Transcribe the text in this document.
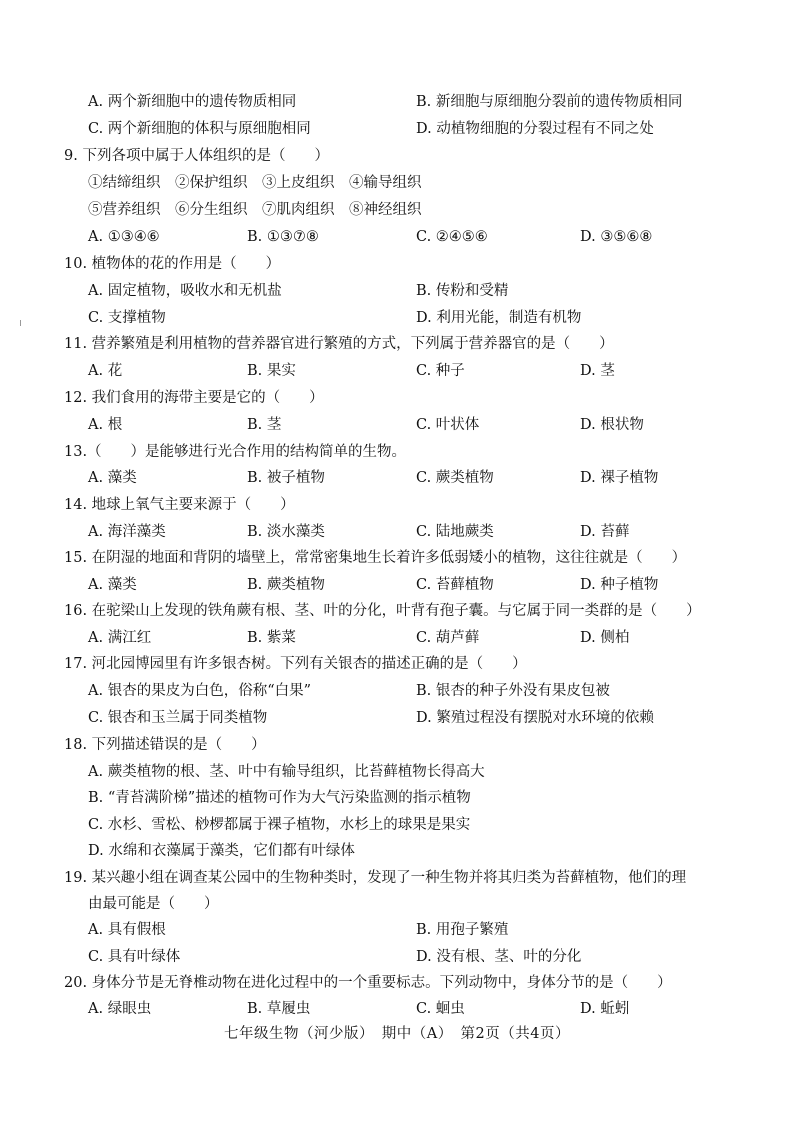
A. 两个新细胞中的遗传物质相同	B. 新细胞与原细胞分裂前的遗传物质相同
C. 两个新细胞的体积与原细胞相同	D. 动植物细胞的分裂过程有不同之处
9. 下列各项中属于人体组织的是（　　）
①结缔组织　②保护组织　③上皮组织　④输导组织
⑤营养组织　⑥分生组织　⑦肌肉组织　⑧神经组织
A. ①③④⑥	B. ①③⑦⑧	C. ②④⑤⑥	D. ③⑤⑥⑧
10. 植物体的花的作用是（　　）
A. 固定植物，吸收水和无机盐	B. 传粉和受精
C. 支撑植物	D. 利用光能，制造有机物
11. 营养繁殖是利用植物的营养器官进行繁殖的方式，下列属于营养器官的是（　　）
A. 花	B. 果实	C. 种子	D. 茎
12. 我们食用的海带主要是它的（　　）
A. 根	B. 茎	C. 叶状体	D. 根状物
13.（　　）是能够进行光合作用的结构简单的生物。
A. 藻类	B. 被子植物	C. 蕨类植物	D. 裸子植物
14. 地球上氧气主要来源于（　　）
A. 海洋藻类	B. 淡水藻类	C. 陆地蕨类	D. 苔藓
15. 在阴湿的地面和背阴的墙壁上，常常密集地生长着许多低弱矮小的植物，这往往就是（　　）
A. 藻类	B. 蕨类植物	C. 苔藓植物	D. 种子植物
16. 在驼梁山上发现的铁角蕨有根、茎、叶的分化，叶背有孢子囊。与它属于同一类群的是（　　）
A. 满江红	B. 紫菜	C. 葫芦藓	D. 侧柏
17. 河北园博园里有许多银杏树。下列有关银杏的描述正确的是（　　）
A. 银杏的果皮为白色，俗称“白果”	B. 银杏的种子外没有果皮包被
C. 银杏和玉兰属于同类植物	D. 繁殖过程没有摆脱对水环境的依赖
18. 下列描述错误的是（　　）
A. 蕨类植物的根、茎、叶中有输导组织，比苔藓植物长得高大
B. “青苔满阶梯”描述的植物可作为大气污染监测的指示植物
C. 水杉、雪松、桫椤都属于裸子植物，水杉上的球果是果实
D. 水绵和衣藻属于藻类，它们都有叶绿体
19. 某兴趣小组在调查某公园中的生物种类时，发现了一种生物并将其归类为苔藓植物，他们的理
由最可能是（　　）
A. 具有假根	B. 用孢子繁殖
C. 具有叶绿体	D. 没有根、茎、叶的分化
20. 身体分节是无脊椎动物在进化过程中的一个重要标志。下列动物中，身体分节的是（　　）
A. 绿眼虫	B. 草履虫	C. 蛔虫	D. 蚯蚓
七年级生物（河少版）　期中（A）　第2页（共4页）
